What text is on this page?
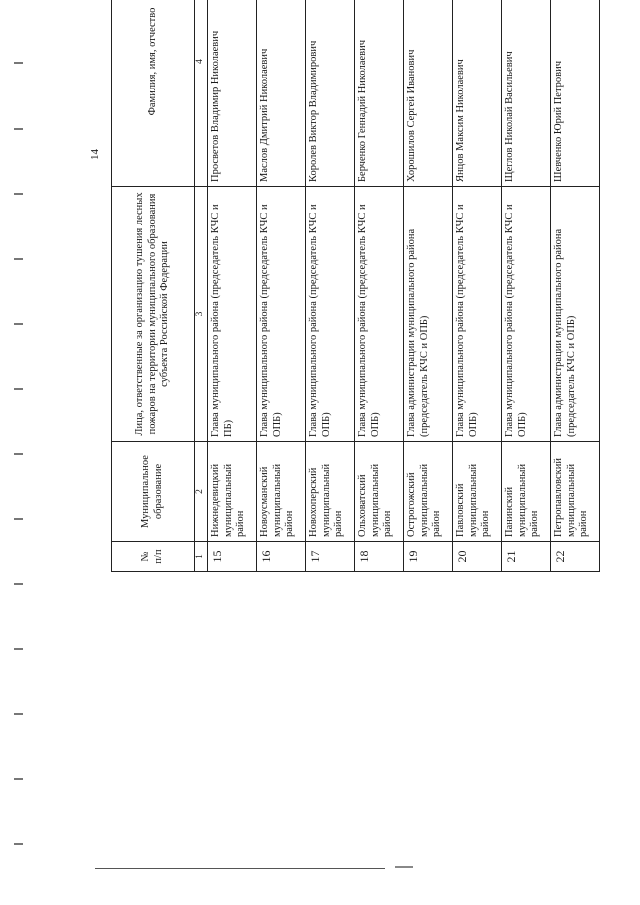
14
№ п/п	Муниципальное образование	Лица, ответственные за организацию тушения лесных пожаров на территории муниципального образования субъекта Российской Федерации	Фамилия, имя, отчество	
1	2	3	4	
15	Нижнедевицкий муниципальный район	Глава муниципального района (председатель КЧС и ПБ)	Просветов Владимир Николаевич	

16	Новоусманский муниципальный район	Глава муниципального района (председатель КЧС и ОПБ)	Маслов Дмитрий Николаевич	

17	Новохоперский муниципальный район	Глава муниципального района (председатель КЧС и ОПБ)	Королев Виктор Владимирович	

18	Ольховатский муниципальный район	Глава муниципального района (председатель КЧС и ОПБ)	Берченко Геннадий Николаевич	

19	Острогожский муниципальный район	Глава администрации муниципального района (председатель КЧС и ОПБ)	Хорошилов Сергей Иванович	

20	Павловский муниципальный район	Глава муниципального района (председатель КЧС и ОПБ)	Янцов Максим Николаевич	

21	Панинский муниципальный район	Глава муниципального района (председатель КЧС и ОПБ)	Щеглов Николай Васильевич	

22	Петропавловский муниципальный район	Глава администрации муниципального района (председатель КЧС и ОПБ)	Шевченко Юрий Петрович	
